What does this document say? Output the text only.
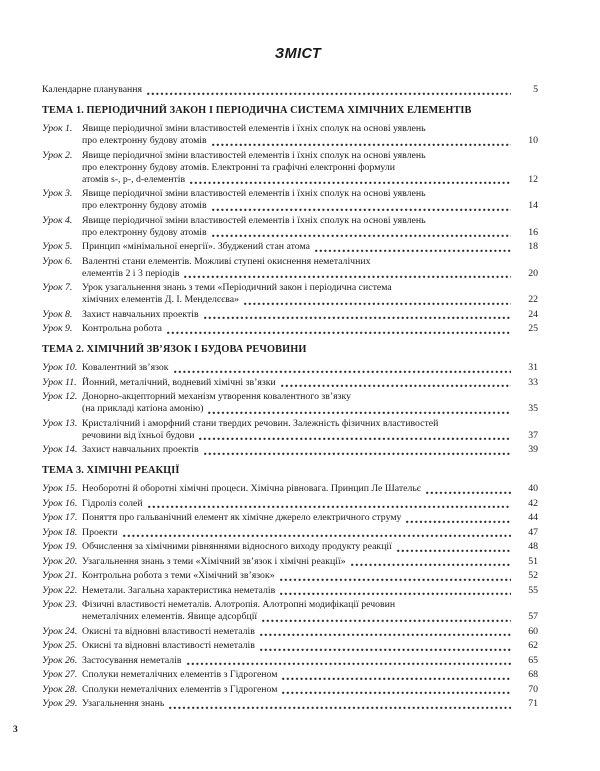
ЗМІСТ
Календарне планування	5
ТЕМА 1. ПЕРІОДИЧНИЙ ЗАКОН І ПЕРІОДИЧНА СИСТЕМА ХІМІЧНИХ ЕЛЕМЕНТІВ
Урок 1. Явище періодичної зміни властивостей елементів і їхніх сполук на основі уявлень
про електронну будову атомів	10
Урок 2. Явище періодичної зміни властивостей елементів і їхніх сполук на основі уявлень
про електронну будову атомів. Електронні та графічні електронні формули
атомів s-, p-, d-елементів	12
Урок 3. Явище періодичної зміни властивостей елементів і їхніх сполук на основі уявлень
про електронну будову атомів	14
Урок 4. Явище періодичної зміни властивостей елементів і їхніх сполук на основі уявлень
про електронну будову атомів	16
Урок 5. Принцип «мінімальної енергії». Збуджений стан атома	18
Урок 6. Валентні стани елементів. Можливі ступені окиснення неметалічних
елементів 2 і 3 періодів	20
Урок 7. Урок узагальнення знань з теми «Періодичний закон і періодична система
хімічних елементів Д. І. Менделєєва»	22
Урок 8. Захист навчальних проектів	24
Урок 9. Контрольна робота	25
ТЕМА 2. ХІМІЧНИЙ ЗВ’ЯЗОК І БУДОВА РЕЧОВИНИ
Урок 10. Ковалентний зв’язок	31
Урок 11. Йонний, металічний, водневий хімічні зв’язки	33
Урок 12. Донорно-акцепторний механізм утворення ковалентного зв’язку
(на прикладі катіона амонію)	35
Урок 13. Кристалічний і аморфний стани твердих речовин. Залежність фізичних властивостей
речовини від їхньої будови	37
Урок 14. Захист навчальних проектів	39
ТЕМА 3. ХІМІЧНІ РЕАКЦІЇ
Урок 15. Необоротні й оборотні хімічні процеси. Хімічна рівновага. Принцип Ле Шательє	40
Урок 16. Гідроліз солей	42
Урок 17. Поняття про гальванічний елемент як хімічне джерело електричного струму	44
Урок 18. Проекти	47
Урок 19. Обчислення за хімічними рівняннями відносного виходу продукту реакції	48
Урок 20. Узагальнення знань з теми «Хімічний зв’язок і хімічні реакції»	51
Урок 21. Контрольна робота з теми «Хімічний зв’язок»	52
Урок 22. Неметали. Загальна характеристика неметалів	55
Урок 23. Фізичні властивості неметалів. Алотропія. Алотропні модифікації речовин
неметалічних елементів. Явище адсорбції	57
Урок 24. Окисні та відновні властивості неметалів	60
Урок 25. Окисні та відновні властивості неметалів	62
Урок 26. Застосування неметалів	65
Урок 27. Сполуки неметалічних елементів з Гідрогеном	68
Урок 28. Сполуки неметалічних елементів з Гідрогеном	70
Урок 29. Узагальнення знань	71
3
